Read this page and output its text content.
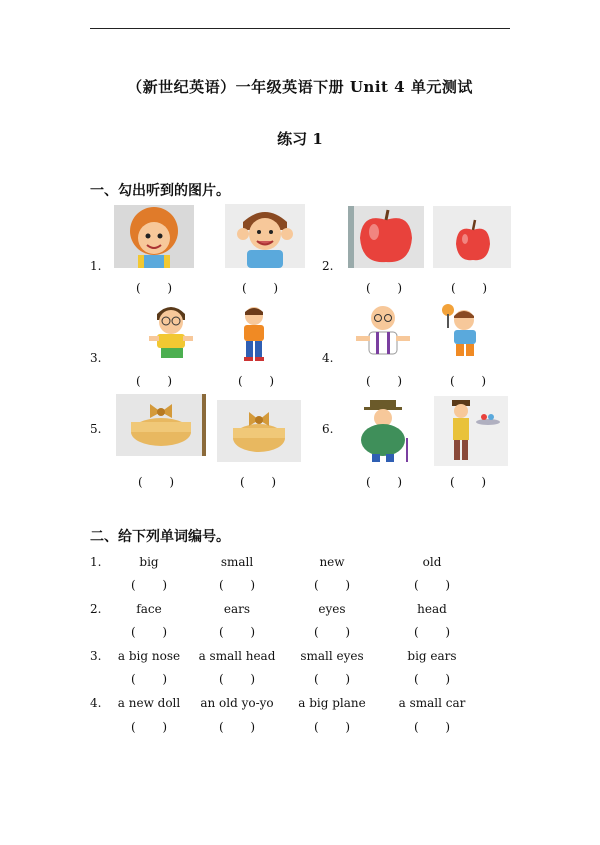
（新世纪英语）一年级英语下册 Unit 4 单元测试
练习 1
一、勾出听到的图片。
1.
(       )	(       )
2.
(       )	(       )
3.
(       )	(       )
4.
(       )	(       )
5.
(       )	(       )
6.
(       )	(       )
二、给下列单词编号。
1.	big	small	new	old
(       )	(       )	(       )	(       )
2.	face	ears	eyes	head
(       )	(       )	(       )	(       )
3.	a big nose	a small head	small eyes	big ears
(       )	(       )	(       )	(       )
4.	a new doll	an old yo-yo	a big plane	a small car
(       )	(       )	(       )	(       )
